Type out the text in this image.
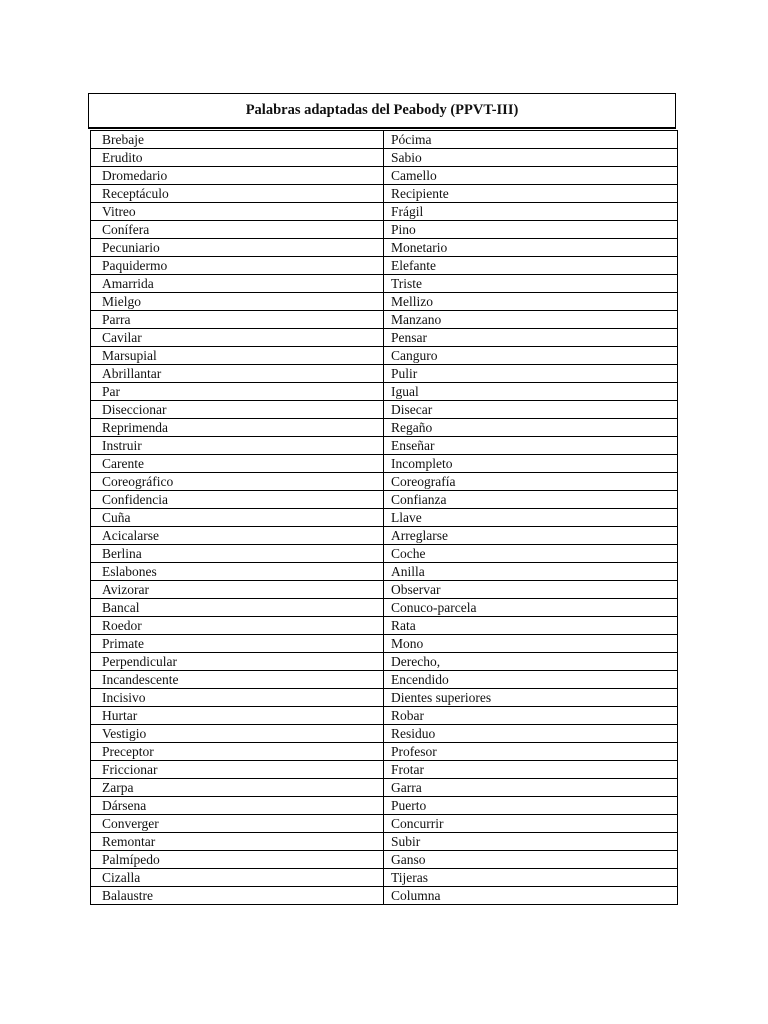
Palabras adaptadas del Peabody (PPVT-III)
Brebaje	Pócima
Erudito	Sabio
Dromedario	Camello
Receptáculo	Recipiente
Vitreo	Frágil
Conífera	Pino
Pecuniario	Monetario
Paquidermo	Elefante
Amarrida	Triste
Mielgo	Mellizo
Parra	Manzano
Cavilar	Pensar
Marsupial	Canguro
Abrillantar	Pulir
Par	Igual
Diseccionar	Disecar
Reprimenda	Regaño
Instruir	Enseñar
Carente	Incompleto
Coreográfico	Coreografía
Confidencia	Confianza
Cuña	Llave
Acicalarse	Arreglarse
Berlina	Coche
Eslabones	Anilla
Avizorar	Observar
Bancal	Conuco-parcela
Roedor	Rata
Primate	Mono
Perpendicular	Derecho,
Incandescente	Encendido
Incisivo	Dientes superiores
Hurtar	Robar
Vestigio	Residuo
Preceptor	Profesor
Friccionar	Frotar
Zarpa	Garra
Dársena	Puerto
Converger	Concurrir
Remontar	Subir
Palmípedo	Ganso
Cizalla	Tijeras
Balaustre	Columna
